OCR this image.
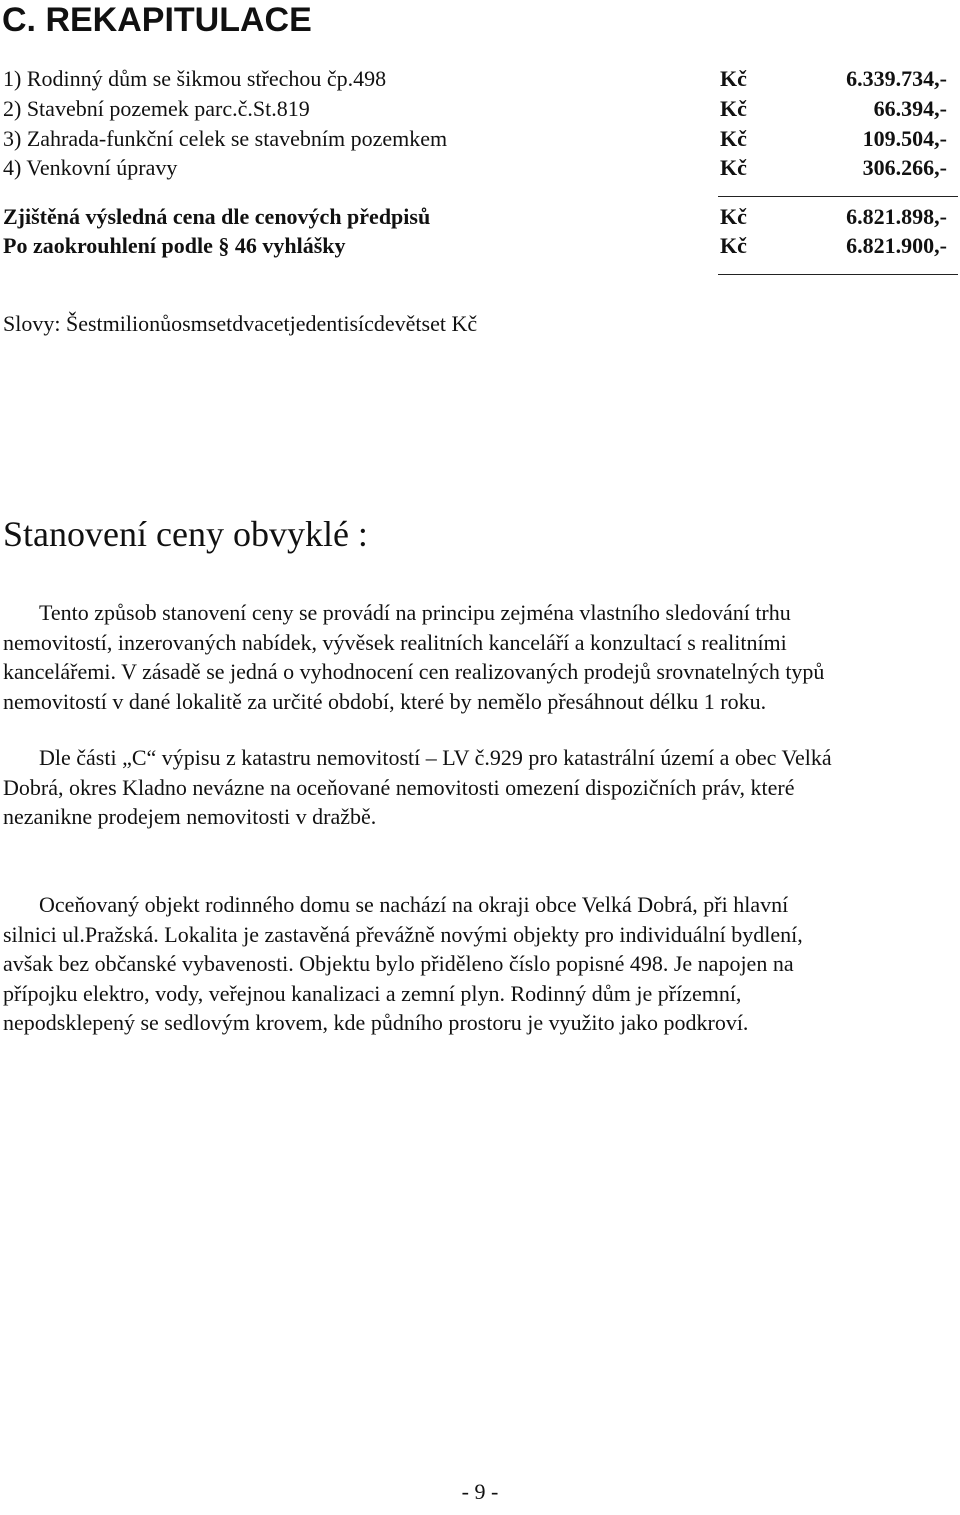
C. REKAPITULACE
1) Rodinný dům se šikmou střechou čp.498	Kč	6.339.734,-
2) Stavební pozemek parc.č.St.819	Kč	66.394,-
3) Zahrada-funkční celek se stavebním pozemkem	Kč	109.504,-
4) Venkovní úpravy	Kč	306.266,-
Zjištěná výsledná cena dle cenových předpisů	Kč	6.821.898,-
Po zaokrouhlení podle § 46 vyhlášky	Kč	6.821.900,-
Slovy: Šestmilionůosmsetdvacetjedentisícdevětset Kč
Stanovení ceny obvyklé :
Tento způsob stanovení ceny se provádí na principu zejména vlastního sledování trhu
nemovitostí, inzerovaných nabídek, vývěsek realitních kanceláří a konzultací s realitními
kancelářemi. V zásadě se jedná o vyhodnocení cen realizovaných prodejů srovnatelných typů
nemovitostí v dané lokalitě za určité období, které by nemělo přesáhnout délku 1 roku.
Dle části „C“ výpisu z katastru nemovitostí – LV č.929 pro katastrální území a obec Velká
Dobrá, okres Kladno neváznе na oceňované nemovitosti omezení dispozičních práv, které
nezanikne prodejem nemovitosti v dražbě.
Oceňovaný objekt rodinného domu se nachází na okraji obce Velká Dobrá, při hlavní
silnici ul.Pražská. Lokalita je zastavěná převážně novými objekty pro individuální bydlení,
avšak bez občanské vybavenosti. Objektu bylo přiděleno číslo popisné 498. Je napojen na
přípojku elektro, vody, veřejnou kanalizaci a zemní plyn. Rodinný dům je přízemní,
nepodsklepený se sedlovým krovem, kde půdního prostoru je využito jako podkroví.
- 9 -
